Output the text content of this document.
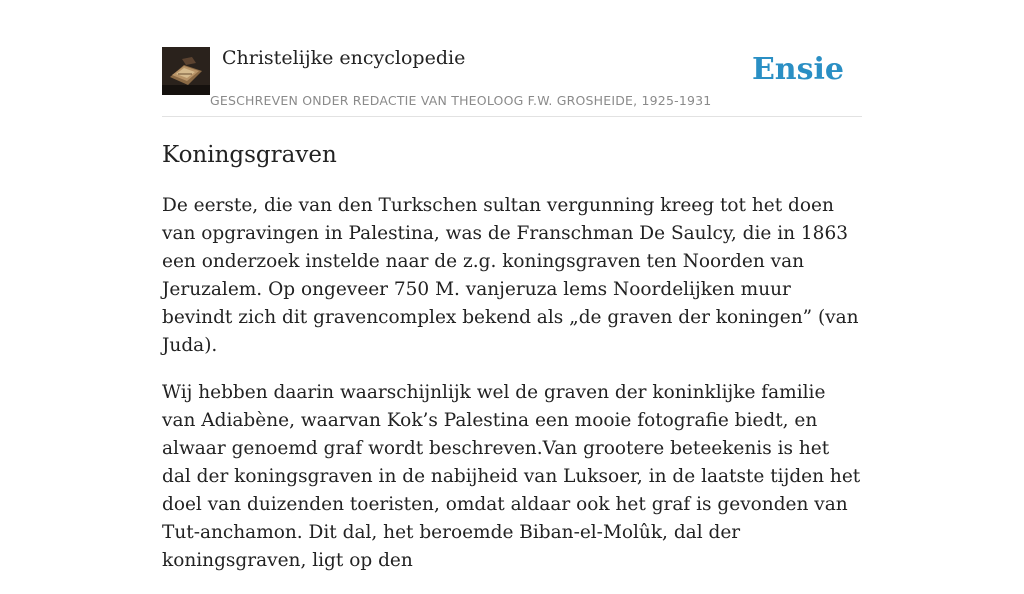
Christelijke encyclopedie
GESCHREVEN ONDER REDACTIE VAN THEOLOOG F.W. GROSHEIDE, 1925-1931
Ensie
Koningsgraven

De eerste, die van den Turkschen sultan vergunning kreeg tot het doen van opgravingen in Palestina, was de Franschman De Saulcy, die in 1863 een onderzoek instelde naar de z.g. koningsgraven ten Noorden van Jeruzalem. Op ongeveer 750 M. vanjeruza lems Noordelijken muur bevindt zich dit gravencomplex bekend als „de graven der koningen” (van Juda).

Wij hebben daarin waarschijnlijk wel de graven der koninklijke familie van Adiabène, waarvan Kok’s Palestina een mooie fotografie biedt, en alwaar genoemd graf wordt beschreven.Van grootere beteekenis is het dal der koningsgraven in de nabijheid van Luksoer, in de laatste tijden het doel van duizenden toeristen, omdat aldaar ook het graf is gevonden van Tut-anchamon. Dit dal, het beroemde Biban-el-Molûk, dal der koningsgraven, ligt op den
